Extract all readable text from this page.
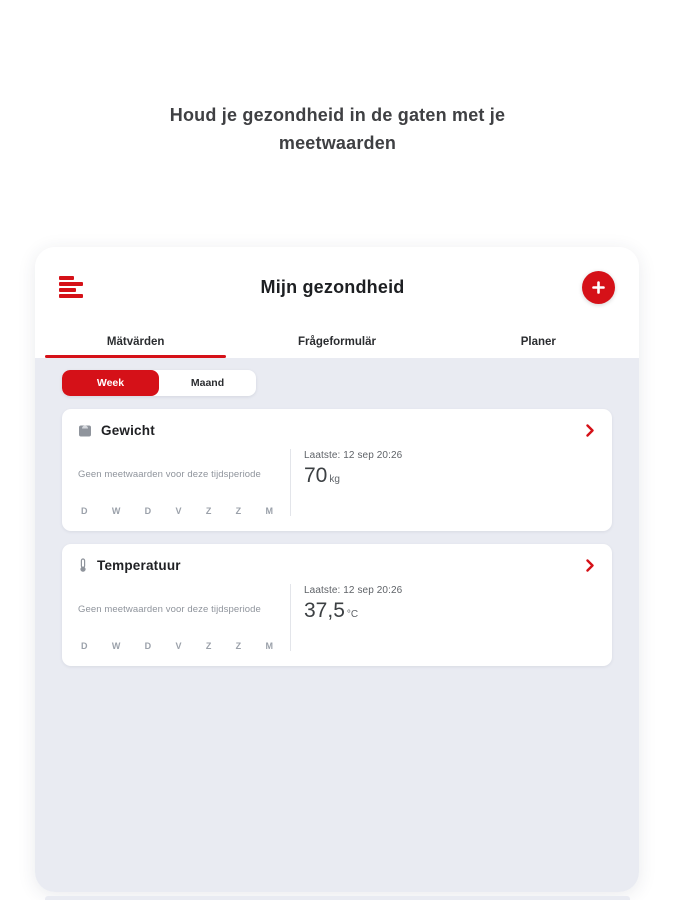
Houd je gezondheid in de gaten met je meetwaarden
Mijn gezondheid
Mätvärden	Frågeformulär	Planer
Week	Maand
Gewicht
Geen meetwaarden voor deze tijdsperiode
D	W	D	V	Z	Z	M
Laatste: 12 sep 20:26
70 kg
Temperatuur
Geen meetwaarden voor deze tijdsperiode
D	W	D	V	Z	Z	M
Laatste: 12 sep 20:26
37,5 °C
